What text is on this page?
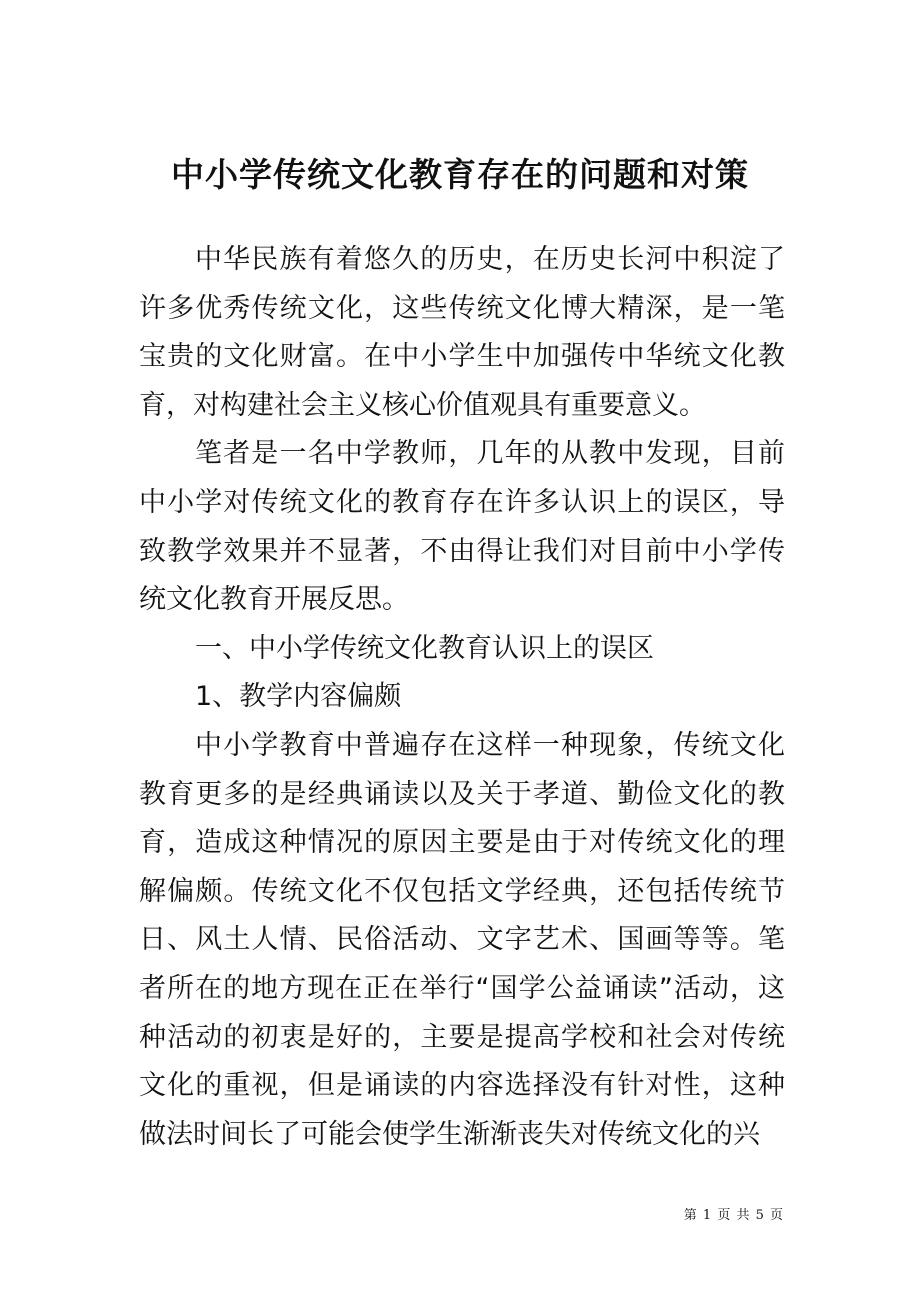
中小学传统文化教育存在的问题和对策

中华民族有着悠久的历史，在历史长河中积淀了许多优秀传统文化，这些传统文化博大精深，是一笔宝贵的文化财富。在中小学生中加强传中华统文化教育，对构建社会主义核心价值观具有重要意义。

笔者是一名中学教师，几年的从教中发现，目前中小学对传统文化的教育存在许多认识上的误区，导致教学效果并不显著，不由得让我们对目前中小学传统文化教育开展反思。

一、中小学传统文化教育认识上的误区

1、教学内容偏颇

中小学教育中普遍存在这样一种现象，传统文化教育更多的是经典诵读以及关于孝道、勤俭文化的教育，造成这种情况的原因主要是由于对传统文化的理解偏颇。传统文化不仅包括文学经典，还包括传统节日、风土人情、民俗活动、文字艺术、国画等等。笔者所在的地方现在正在举行“国学公益诵读”活动，这种活动的初衷是好的，主要是提高学校和社会对传统文化的重视，但是诵读的内容选择没有针对性，这种做法时间长了可能会使学生渐渐丧失对传统文化的兴

第 1 页 共 5 页
